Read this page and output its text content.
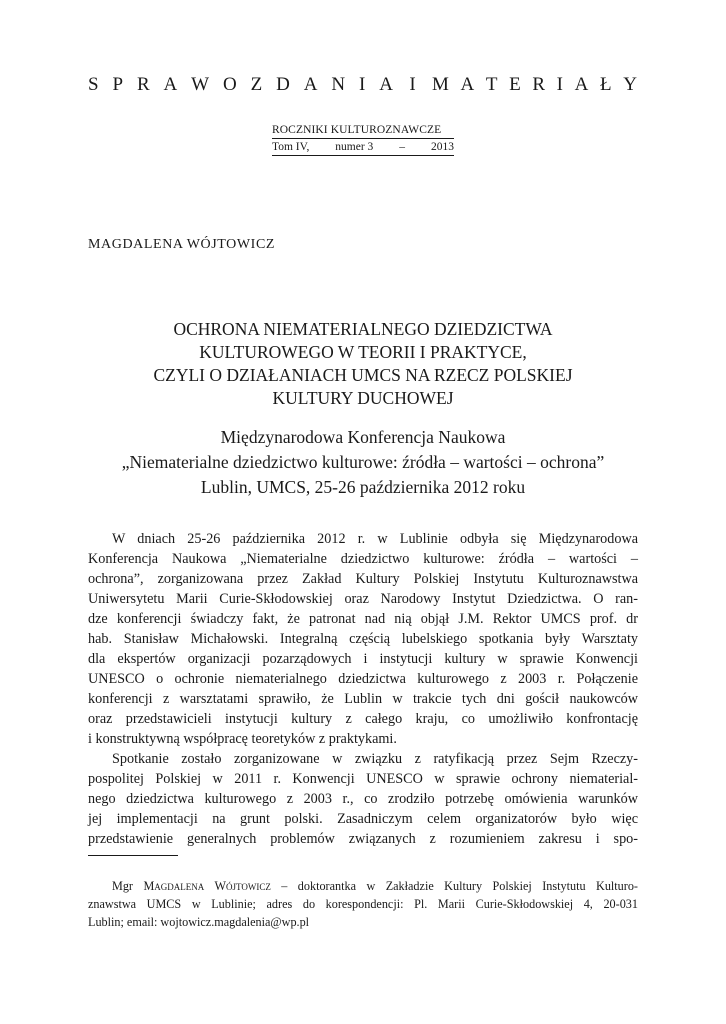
S P R A W O Z D A N I A I M A T E R I A Ł Y
ROCZNIKI KULTUROZNAWCZE
Tom IV, numer 3 – 2013
MAGDALENA WÓJTOWICZ
OCHRONA NIEMATERIALNEGO DZIEDZICTWA
KULTUROWEGO W TEORII I PRAKTYCE,
CZYLI O DZIAŁANIACH UMCS NA RZECZ POLSKIEJ
KULTURY DUCHOWEJ
Międzynarodowa Konferencja Naukowa
„Niematerialne dziedzictwo kulturowe: źródła – wartości – ochrona”
Lublin, UMCS, 25-26 października 2012 roku
W dniach 25-26 października 2012 r. w Lublinie odbyła się Międzynarodowa
Konferencja Naukowa „Niematerialne dziedzictwo kulturowe: źródła – wartości –
ochrona”, zorganizowana przez Zakład Kultury Polskiej Instytutu Kulturoznawstwa
Uniwersytetu Marii Curie-Skłodowskiej oraz Narodowy Instytut Dziedzictwa. O ran-
dze konferencji świadczy fakt, że patronat nad nią objął J.M. Rektor UMCS prof. dr
hab. Stanisław Michałowski. Integralną częścią lubelskiego spotkania były Warsztaty
dla ekspertów organizacji pozarządowych i instytucji kultury w sprawie Konwencji
UNESCO o ochronie niematerialnego dziedzictwa kulturowego z 2003 r. Połączenie
konferencji z warsztatami sprawiło, że Lublin w trakcie tych dni gościł naukowców
oraz przedstawicieli instytucji kultury z całego kraju, co umożliwiło konfrontację
i konstruktywną współpracę teoretyków z praktykami.
Spotkanie zostało zorganizowane w związku z ratyfikacją przez Sejm Rzeczy-
pospolitej Polskiej w 2011 r. Konwencji UNESCO w sprawie ochrony niematerial-
nego dziedzictwa kulturowego z 2003 r., co zrodziło potrzebę omówienia warunków
jej implementacji na grunt polski. Zasadniczym celem organizatorów było więc
przedstawienie generalnych problemów związanych z rozumieniem zakresu i spo-
Mgr Magdalena Wójtowicz – doktorantka w Zakładzie Kultury Polskiej Instytutu Kulturo-
znawstwa UMCS w Lublinie; adres do korespondencji: Pl. Marii Curie-Skłodowskiej 4, 20-031
Lublin; email: wojtowicz.magdalenia@wp.pl
